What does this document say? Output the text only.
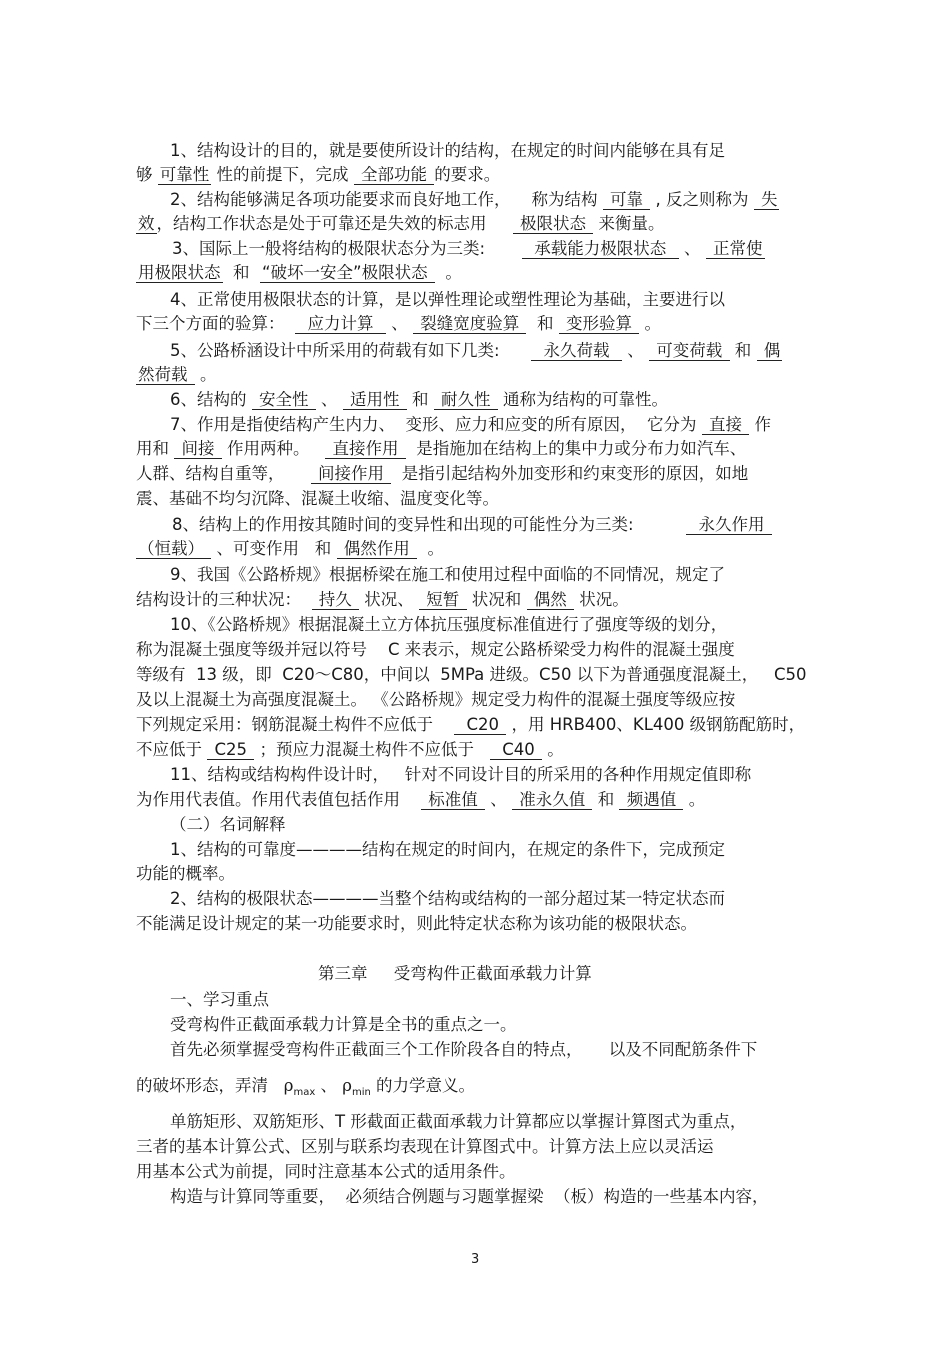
1、结构设计的目的，就是要使所设计的结构，在规定的时间内能够在具有足
够 可靠性 性的前提下，完成  全部功能 的要求。
2、结构能够满足各项功能要求而良好地工作，    称为结构  可靠  , 反之则称为  失
效 ，结构工作状态是处于可靠还是失效的标志用      极限状态  来衡量。
3、国际上一般将结构的极限状态分为三类:         承载能力极限状态   、  正常使
用极限状态  和  “破坏一安全”极限状态   。
4、正常使用极限状态的计算，是以弹性理论或塑性理论为基础，主要进行以
下三个方面的验算：    应力计算   、  裂缝宽度验算   和  变形验算  。
5、公路桥涵设计中所采用的荷载有如下几类:        永久荷载   、  可变荷载  和  偶
然荷载  。
6、结构的  安全性  、  适用性  和  耐久性  通称为结构的可靠性。
7、作用是指使结构产生内力、  变形、应力和应变的所有原因，  它分为  直接  作
用和  间接  作用两种。    直接作用   是指施加在结构上的集中力或分布力如汽车、
人群、结构自重等，      间接作用   是指引起结构外加变形和约束变形的原因，如地
震、基础不均匀沉降、混凝土收缩、温度变化等。
8、结构上的作用按其随时间的变异性和出现的可能性分为三类:            永久作用
（恒载）  、可变作用   和  偶然作用   。
9、我国《公路桥规》根据桥梁在施工和使用过程中面临的不同情况，规定了
结构设计的三种状况：   持久  状况、  短暂  状况和  偶然  状况。
10、《公路桥规》根据混凝土立方体抗压强度标准值进行了强度等级的划分，
称为混凝土强度等级并冠以符号    C 来表示，规定公路桥梁受力构件的混凝土强度
等级有  13 级，即  C20～C80，中间以  5MPa 进级。C50 以下为普通强度混凝土，   C50
及以上混凝土为高强度混凝土。 《公路桥规》规定受力构件的混凝土强度等级应按
下列规定采用：钢筋混凝土构件不应低于      C20  ，用 HRB400、KL400 级钢筋配筋时，
不应低于  C25  ；预应力混凝土构件不应低于     C40  。
11、结构或结构构件设计时，   针对不同设计目的所采用的各种作用规定值即称
为作用代表值。作用代表值包括作用     标准值  、  准永久值  和  频遇值  。
（二）名词解释
1、结构的可靠度————结构在规定的时间内，在规定的条件下，完成预定
功能的概率。
2、结构的极限状态————当整个结构或结构的一部分超过某一特定状态而
不能满足设计规定的某一功能要求时，则此特定状态称为该功能的极限状态。
第三章     受弯构件正截面承载力计算
一、学习重点
受弯构件正截面承载力计算是全书的重点之一。
首先必须掌握受弯构件正截面三个工作阶段各自的特点，     以及不同配筋条件下
的破坏形态，弄清   $\rho_{max}$ 、 $\rho_{min}$ 的力学意义。
单筋矩形、双筋矩形、T 形截面正截面承载力计算都应以掌握计算图式为重点，
三者的基本计算公式、区别与联系均表现在计算图式中。计算方法上应以灵活运
用基本公式为前提，同时注意基本公式的适用条件。
构造与计算同等重要，  必须结合例题与习题掌握梁  （板）构造的一些基本内容，
3
